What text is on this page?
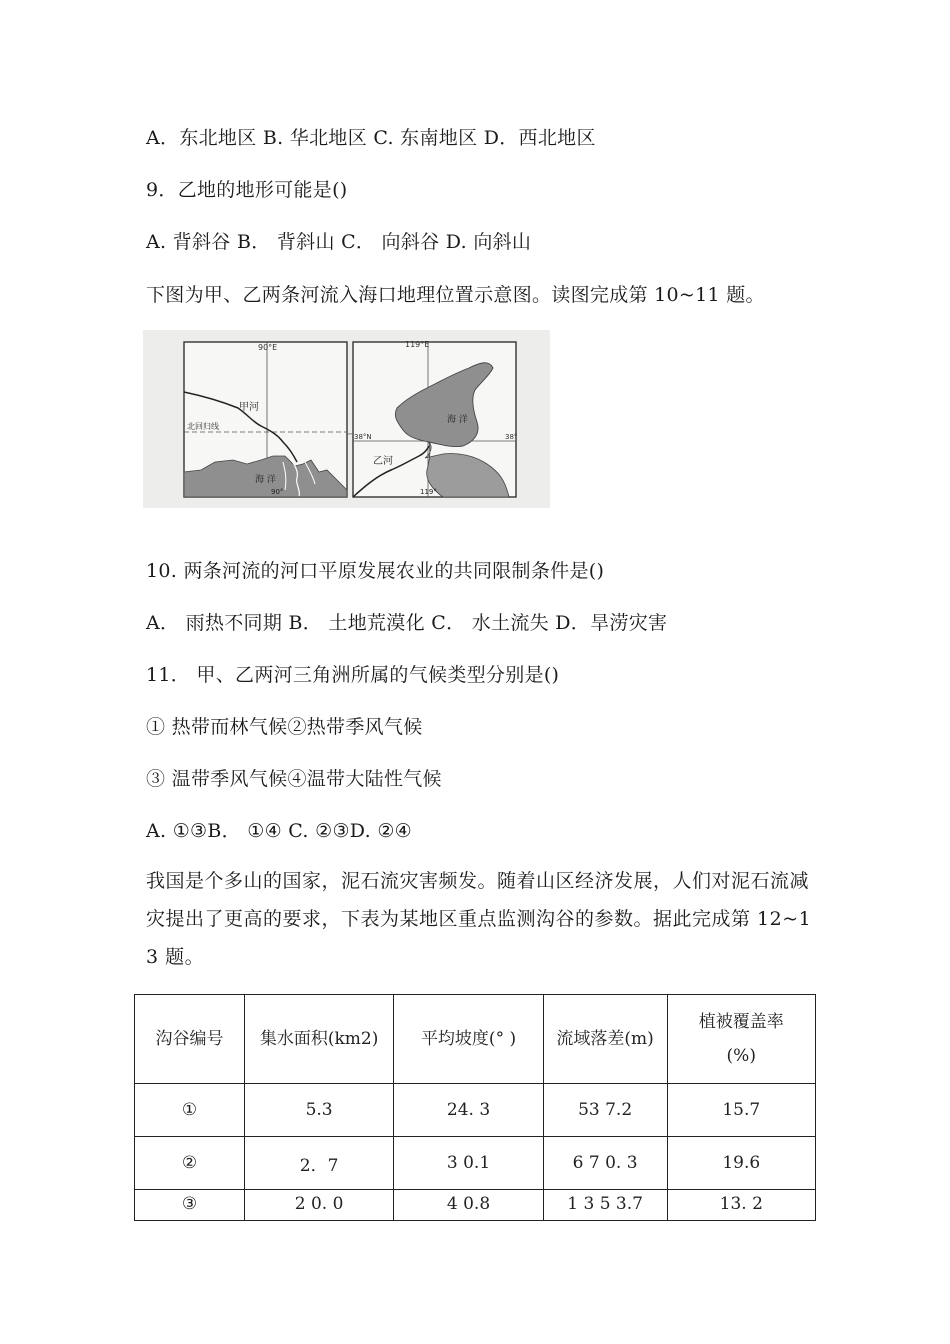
A．东北地区 B. 华北地区 C. 东南地区 D．西北地区
9．乙地的地形可能是()
A. 背斜谷 B． 背斜山 C． 向斜谷 D. 向斜山
下图为甲、乙两条河流入海口地理位置示意图。读图完成第 10~11 题。
90°E
甲河
北回归线
海 洋
90°
119°E
38°N	38°
海 洋
乙河
119°
10. 两条河流的河口平原发展农业的共同限制条件是()
A． 雨热不同期 B． 土地荒漠化 C． 水土流失 D．旱涝灾害
11． 甲、乙两河三角洲所属的气候类型分别是()
① 热带而林气候②热带季风气候
③ 温带季风气候④温带大陆性气候
A. ①③B． ①④ C. ②③D. ②④
我国是个多山的国家，泥石流灾害频发。随着山区经济发展，人们对泥石流减灾提出了更高的要求，下表为某地区重点监测沟谷的参数。据此完成第 12~1 3 题。
沟谷编号	集水面积(km2)	平均坡度(° )	流域落差(m)	植被覆盖率
(%)

①	5.3	24. 3	53 7.2	15.7
②	2．7	3 0.1	6 7 0. 3	19.6
③	2 0. 0	4 0.8	1 3 5 3.7	13. 2
